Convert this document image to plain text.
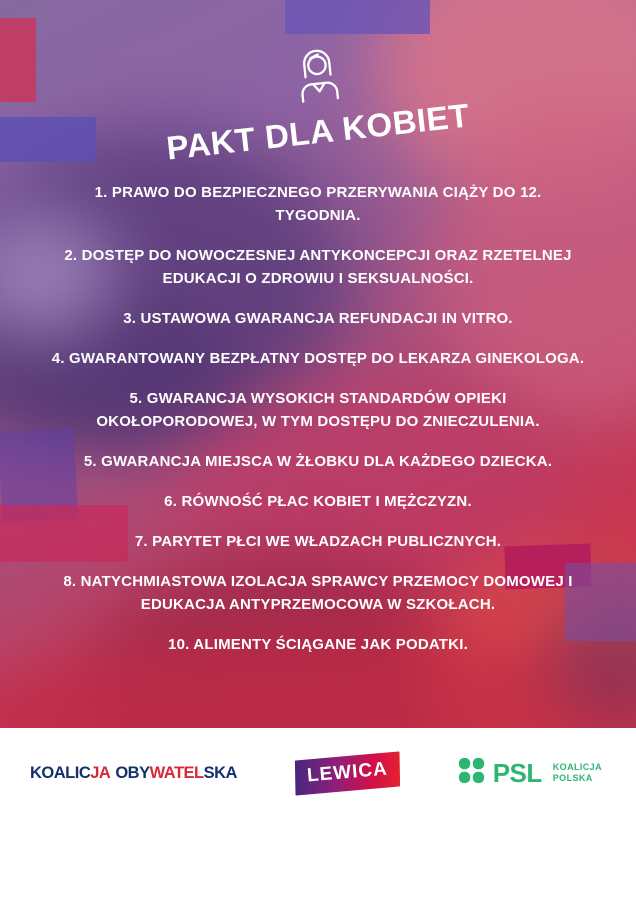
PAKT DLA KOBIET
1. PRAWO DO BEZPIECZNEGO PRZERYWANIA CIĄŻY DO 12. TYGODNIA.
2. DOSTĘP DO NOWOCZESNEJ ANTYKONCEPCJI ORAZ RZETELNEJ EDUKACJI O ZDROWIU I SEKSUALNOŚCI.
3. USTAWOWA GWARANCJA REFUNDACJI IN VITRO.
4. GWARANTOWANY BEZPŁATNY DOSTĘP DO LEKARZA GINEKOLOGA.
5. GWARANCJA WYSOKICH STANDARDÓW OPIEKI OKOŁOPORODOWEJ, W TYM DOSTĘPU DO ZNIECZULENIA.
5. GWARANCJA MIEJSCA W ŻŁOBKU DLA KAŻDEGO DZIECKA.
6. RÓWNOŚĆ PŁAC KOBIET I MĘŻCZYZN.
7. PARYTET PŁCI WE WŁADZACH PUBLICZNYCH.
8. NATYCHMIASTOWA IZOLACJA SPRAWCY PRZEMOCY DOMOWEJ I EDUKACJA ANTYPRZEMOCOWA W SZKOŁACH.
10. ALIMENTY ŚCIĄGANE JAK PODATKI.
KOALICJA OBYWATELSKA	LEWICA	PSL KOALICJA
POLSKA
